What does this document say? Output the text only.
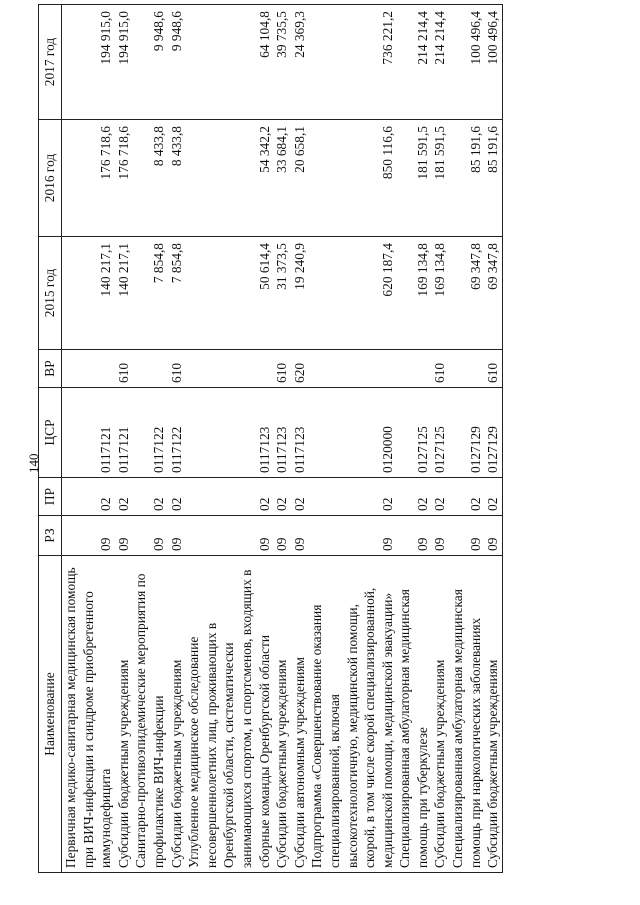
140
Наименование	РЗ	ПР	ЦСР	ВР	2015 год	2016 год	2017 год
Первичная медико-санитарная медицинская помощь при ВИЧ-инфекции и синдроме приобретенного иммунодефицита	09	02	0117121		140 217,1	176 718,6	194 915,0
Субсидии бюджетным учреждениям	09	02	0117121	610	140 217,1	176 718,6	194 915,0
Санитарно-противоэпидемические мероприятия по профилактике ВИЧ-инфекции	09	02	0117122		7 854,8	8 433,8	9 948,6
Субсидии бюджетным учреждениям	09	02	0117122	610	7 854,8	8 433,8	9 948,6
Углубленное медицинское обследование несовершеннолетних лиц, проживающих в Оренбургской области, систематически занимающихся спортом, и спортсменов, входящих в сборные команды Оренбургской области	09	02	0117123		50 614,4	54 342,2	64 104,8
Субсидии бюджетным учреждениям	09	02	0117123	610	31 373,5	33 684,1	39 735,5
Субсидии автономным учреждениям	09	02	0117123	620	19 240,9	20 658,1	24 369,3
Подпрограмма «Совершенствование оказания специализированной, включая высокотехнологичную, медицинской помощи, скорой, в том числе скорой специализированной, медицинской помощи, медицинской эвакуации»	09	02	0120000		620 187,4	850 116,6	736 221,2
Специализированная амбулаторная медицинская помощь при туберкулезе	09	02	0127125		169 134,8	181 591,5	214 214,4
Субсидии бюджетным учреждениям	09	02	0127125	610	169 134,8	181 591,5	214 214,4
Специализированная амбулаторная медицинская помощь при наркологических заболеваниях	09	02	0127129		69 347,8	85 191,6	100 496,4
Субсидии бюджетным учреждениям	09	02	0127129	610	69 347,8	85 191,6	100 496,4
